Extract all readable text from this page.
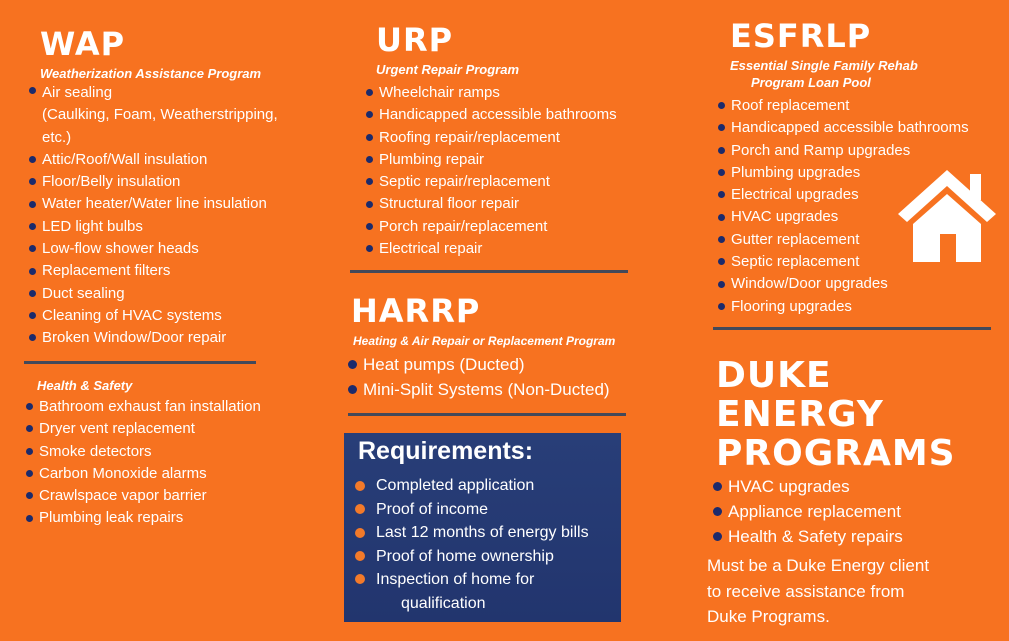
WAP
Weatherization Assistance Program
Air sealing
(Caulking, Foam, Weatherstripping,
etc.)
Attic/Roof/Wall insulation
Floor/Belly insulation
Water heater/Water line insulation
LED light bulbs
Low-flow shower heads
Replacement filters
Duct sealing
Cleaning of HVAC systems
Broken Window/Door repair
Health & Safety
Bathroom exhaust fan installation
Dryer vent replacement
Smoke detectors
Carbon Monoxide alarms
Crawlspace vapor barrier
Plumbing leak repairs
URP
Urgent Repair Program
Wheelchair ramps
Handicapped accessible bathrooms
Roofing repair/replacement
Plumbing repair
Septic repair/replacement
Structural floor repair
Porch repair/replacement
Electrical repair
HARRP
Heating & Air Repair or Replacement Program
Heat pumps (Ducted)
Mini-Split Systems (Non-Ducted)
Requirements:
Completed application
Proof of income
Last 12 months of energy bills
Proof of home ownership
Inspection of home for
qualification
ESFRLP
Essential Single Family Rehab
Program Loan Pool
Roof replacement
Handicapped accessible bathrooms
Porch and Ramp upgrades
Plumbing upgrades
Electrical upgrades
HVAC upgrades
Gutter replacement
Septic replacement
Window/Door upgrades
Flooring upgrades
DUKE
ENERGY
PROGRAMS
HVAC upgrades
Appliance replacement
Health & Safety repairs
Must be a Duke Energy client
to receive assistance from
Duke Programs.
